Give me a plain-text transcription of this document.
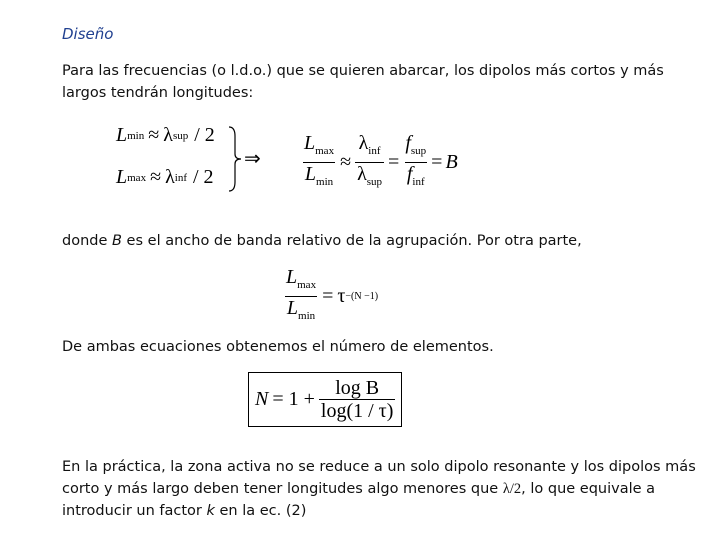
Diseño
Para las frecuencias (o l.d.o.) que se quieren abarcar, los dipolos más cortos y más largos tendrán longitudes:
L min ≈ λ sup / 2
L max ≈ λ inf / 2
⇒ $\frac{L_{max}}{L_{min}} \approx \frac{\lambda_{inf}}{\lambda_{sup}} = \frac{f_{sup}}{f_{inf}} = B$
donde B es el ancho de banda relativo de la agrupación. Por otra parte,
$\frac{L_{max}}{L_{min}} = \tau -(N -1)$
De ambas ecuaciones obtenemos el número de elementos.
$N = 1 + \frac{\text{log B}}{\log(1 / \tau)}$
En la práctica, la zona activa no se reduce a un solo dipolo resonante y los dipolos más corto y más largo deben tener longitudes algo menores que λ/2, lo que equivale a introducir un factor k en la ec. (2)
